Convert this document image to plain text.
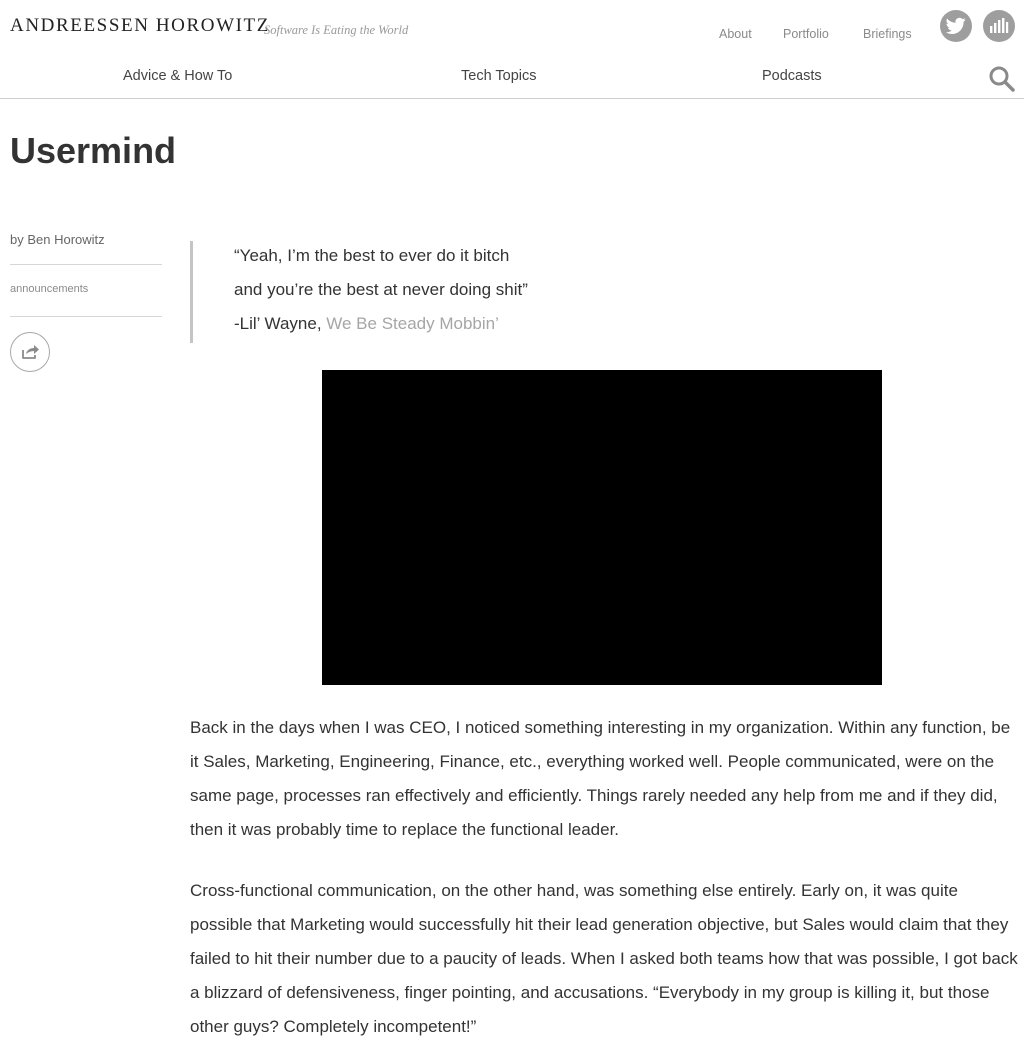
ANDREESSEN HOROWITZ
Software Is Eating the World	About	Portfolio	Briefings
Advice & How To	Tech Topics	Podcasts
Usermind
by Ben Horowitz
announcements
“Yeah, I’m the best to ever do it bitch
and you’re the best at never doing shit”
-Lil’ Wayne, We Be Steady Mobbin’

Back in the days when I was CEO, I noticed something interesting in my organization. Within any function, be it Sales, Marketing, Engineering, Finance, etc., everything worked well. People communicated, were on the same page, processes ran effectively and efficiently. Things rarely needed any help from me and if they did, then it was probably time to replace the functional leader.

Cross-functional communication, on the other hand, was something else entirely. Early on, it was quite possible that Marketing would successfully hit their lead generation objective, but Sales would claim that they failed to hit their number due to a paucity of leads. When I asked both teams how that was possible, I got back a blizzard of defensiveness, finger pointing, and accusations. “Everybody in my group is killing it, but those other guys? Completely incompetent!”
